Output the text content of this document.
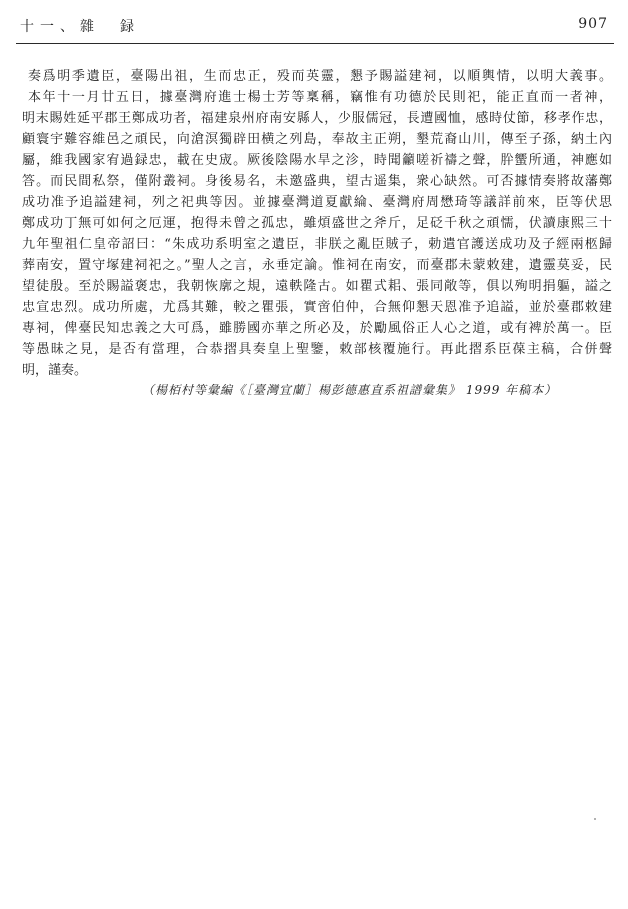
十一、雜　録	907
奏爲明季遺臣，臺陽出祖，生而忠正，殁而英靈，懇予賜謚建祠，以順輿情，以明大義事。
本年十一月廿五日，據臺灣府進士楊士芳等稟稱，竊惟有功德於民則祀，能正直而一者神，
明末賜姓延平郡王鄭成功者，福建泉州府南安縣人，少服儒冠，長遭國恤，感時仗節，移孝作忠，
顧寰宇難容維邑之頑民，向滄溟獨辟田横之列島，奉故主正朔，墾荒裔山川，傳至子孫，納土內
屬，維我國家宥過録忠，載在史宬。厥後陰陽水旱之沴，時聞籲嗟祈禱之聲，肸蠁所通，神應如
答。而民間私祭，僅附叢祠。身後易名，未邀盛典，望古遥集，衆心缺然。可否據情奏將故藩鄭
成功准予追謚建祠，列之祀典等因。並據臺灣道夏獻綸、臺灣府周懋琦等議詳前來，臣等伏思
鄭成功丁無可如何之厄運，抱得未曾之孤忠，雖煩盛世之斧斤，足砭千秋之頑懦，伏讀康熙三十
九年聖祖仁皇帝詔曰：“朱成功系明室之遺臣，非朕之亂臣賊子，勅遣官護送成功及子經兩柩歸
葬南安，置守塚建祠祀之。”聖人之言，永垂定論。惟祠在南安，而臺郡未蒙敕建，遺靈莫妥，民
望徒殷。至於賜謚褒忠，我朝恢廓之規，遠軼隆古。如瞿式耜、張同敞等，俱以殉明捐軀，謚之
忠宣忠烈。成功所處，尤爲其難，較之瞿張，實啻伯仲，合無仰懇天恩准予追謚，並於臺郡敕建
專祠，俾臺民知忠義之大可爲，雖勝國亦華之所必及，於勵風俗正人心之道，或有裨於萬一。臣
等愚昧之見，是否有當理，合恭摺具奏皇上聖鑒，敕部核覆施行。再此摺系臣葆主稿，合併聲
明，謹奏。
（楊栢村等彙編《［臺灣宜蘭］楊彭德惠直系祖譜彙集》 1999 年稿本）
